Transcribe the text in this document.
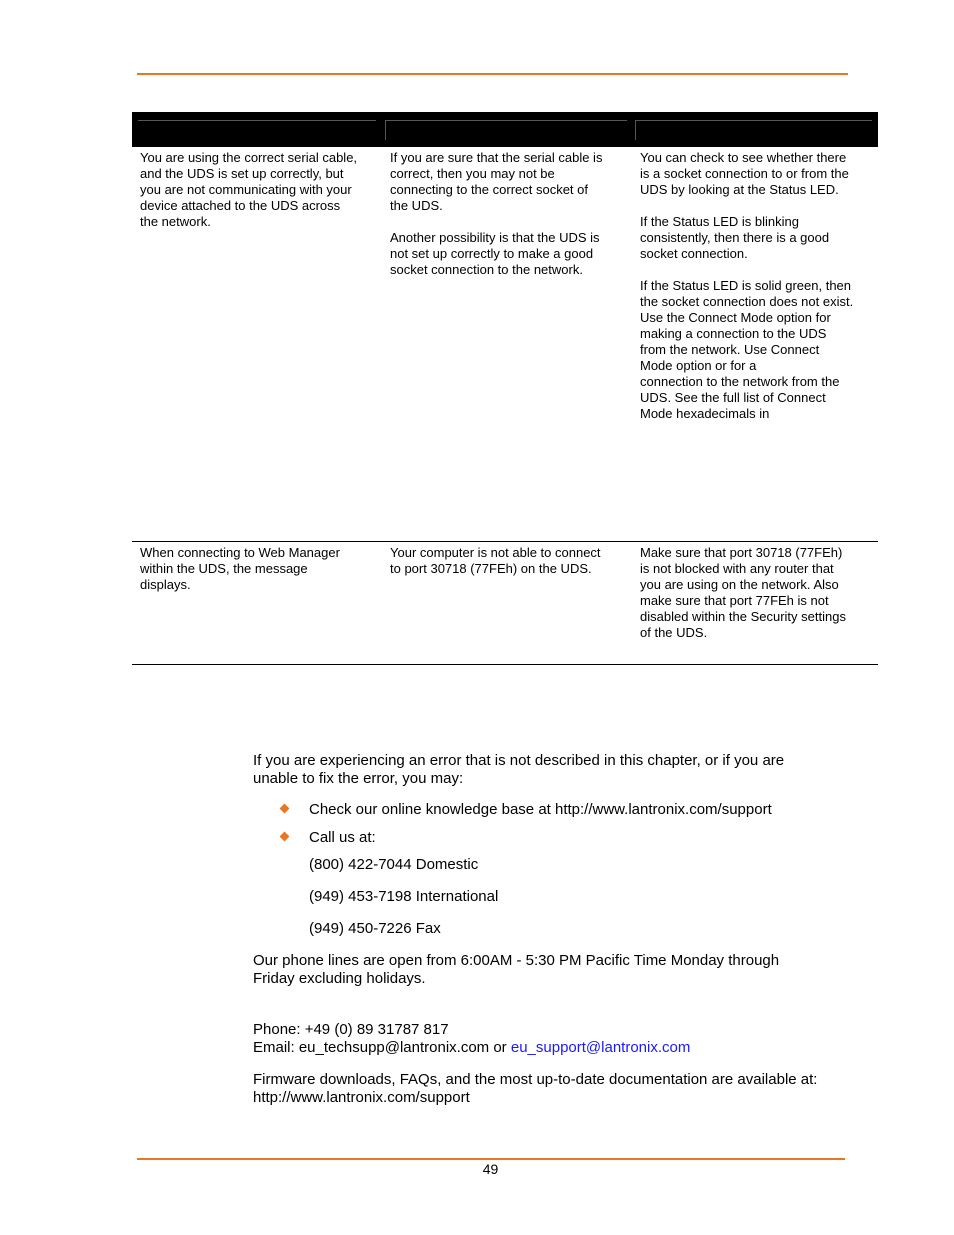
You are using the correct serial cable,
and the UDS is set up correctly, but
you are not communicating with your
device attached to the UDS across
the network.
If you are sure that the serial cable is
correct, then you may not be
connecting to the correct socket of
the UDS.

Another possibility is that the UDS is
not set up correctly to make a good
socket connection to the network.
You can check to see whether there
is a socket connection to or from the
UDS by looking at the Status LED.

If the Status LED is blinking
consistently, then there is a good
socket connection.

If the Status LED is solid green, then
the socket connection does not exist.
Use the Connect Mode option for
making a connection to the UDS
from the network. Use Connect
Mode option or for a
connection to the network from the
UDS. See the full list of Connect
Mode hexadecimals in
When connecting to Web Manager
within the UDS, the message
displays.
Your computer is not able to connect
to port 30718 (77FEh) on the UDS.
Make sure that port 30718 (77FEh)
is not blocked with any router that
you are using on the network. Also
make sure that port 77FEh is not
disabled within the Security settings
of the UDS.
If you are experiencing an error that is not described in this chapter, or if you are
unable to fix the error, you may:
Check our online knowledge base at http://www.lantronix.com/support
Call us at:
(800) 422-7044 Domestic
(949) 453-7198 International
(949) 450-7226 Fax
Our phone lines are open from 6:00AM - 5:30 PM Pacific Time Monday through
Friday excluding holidays.
Phone: +49 (0) 89 31787 817
Email: eu_techsupp@lantronix.com or eu_support@lantronix.com
Firmware downloads, FAQs, and the most up-to-date documentation are available at:
http://www.lantronix.com/support
49
